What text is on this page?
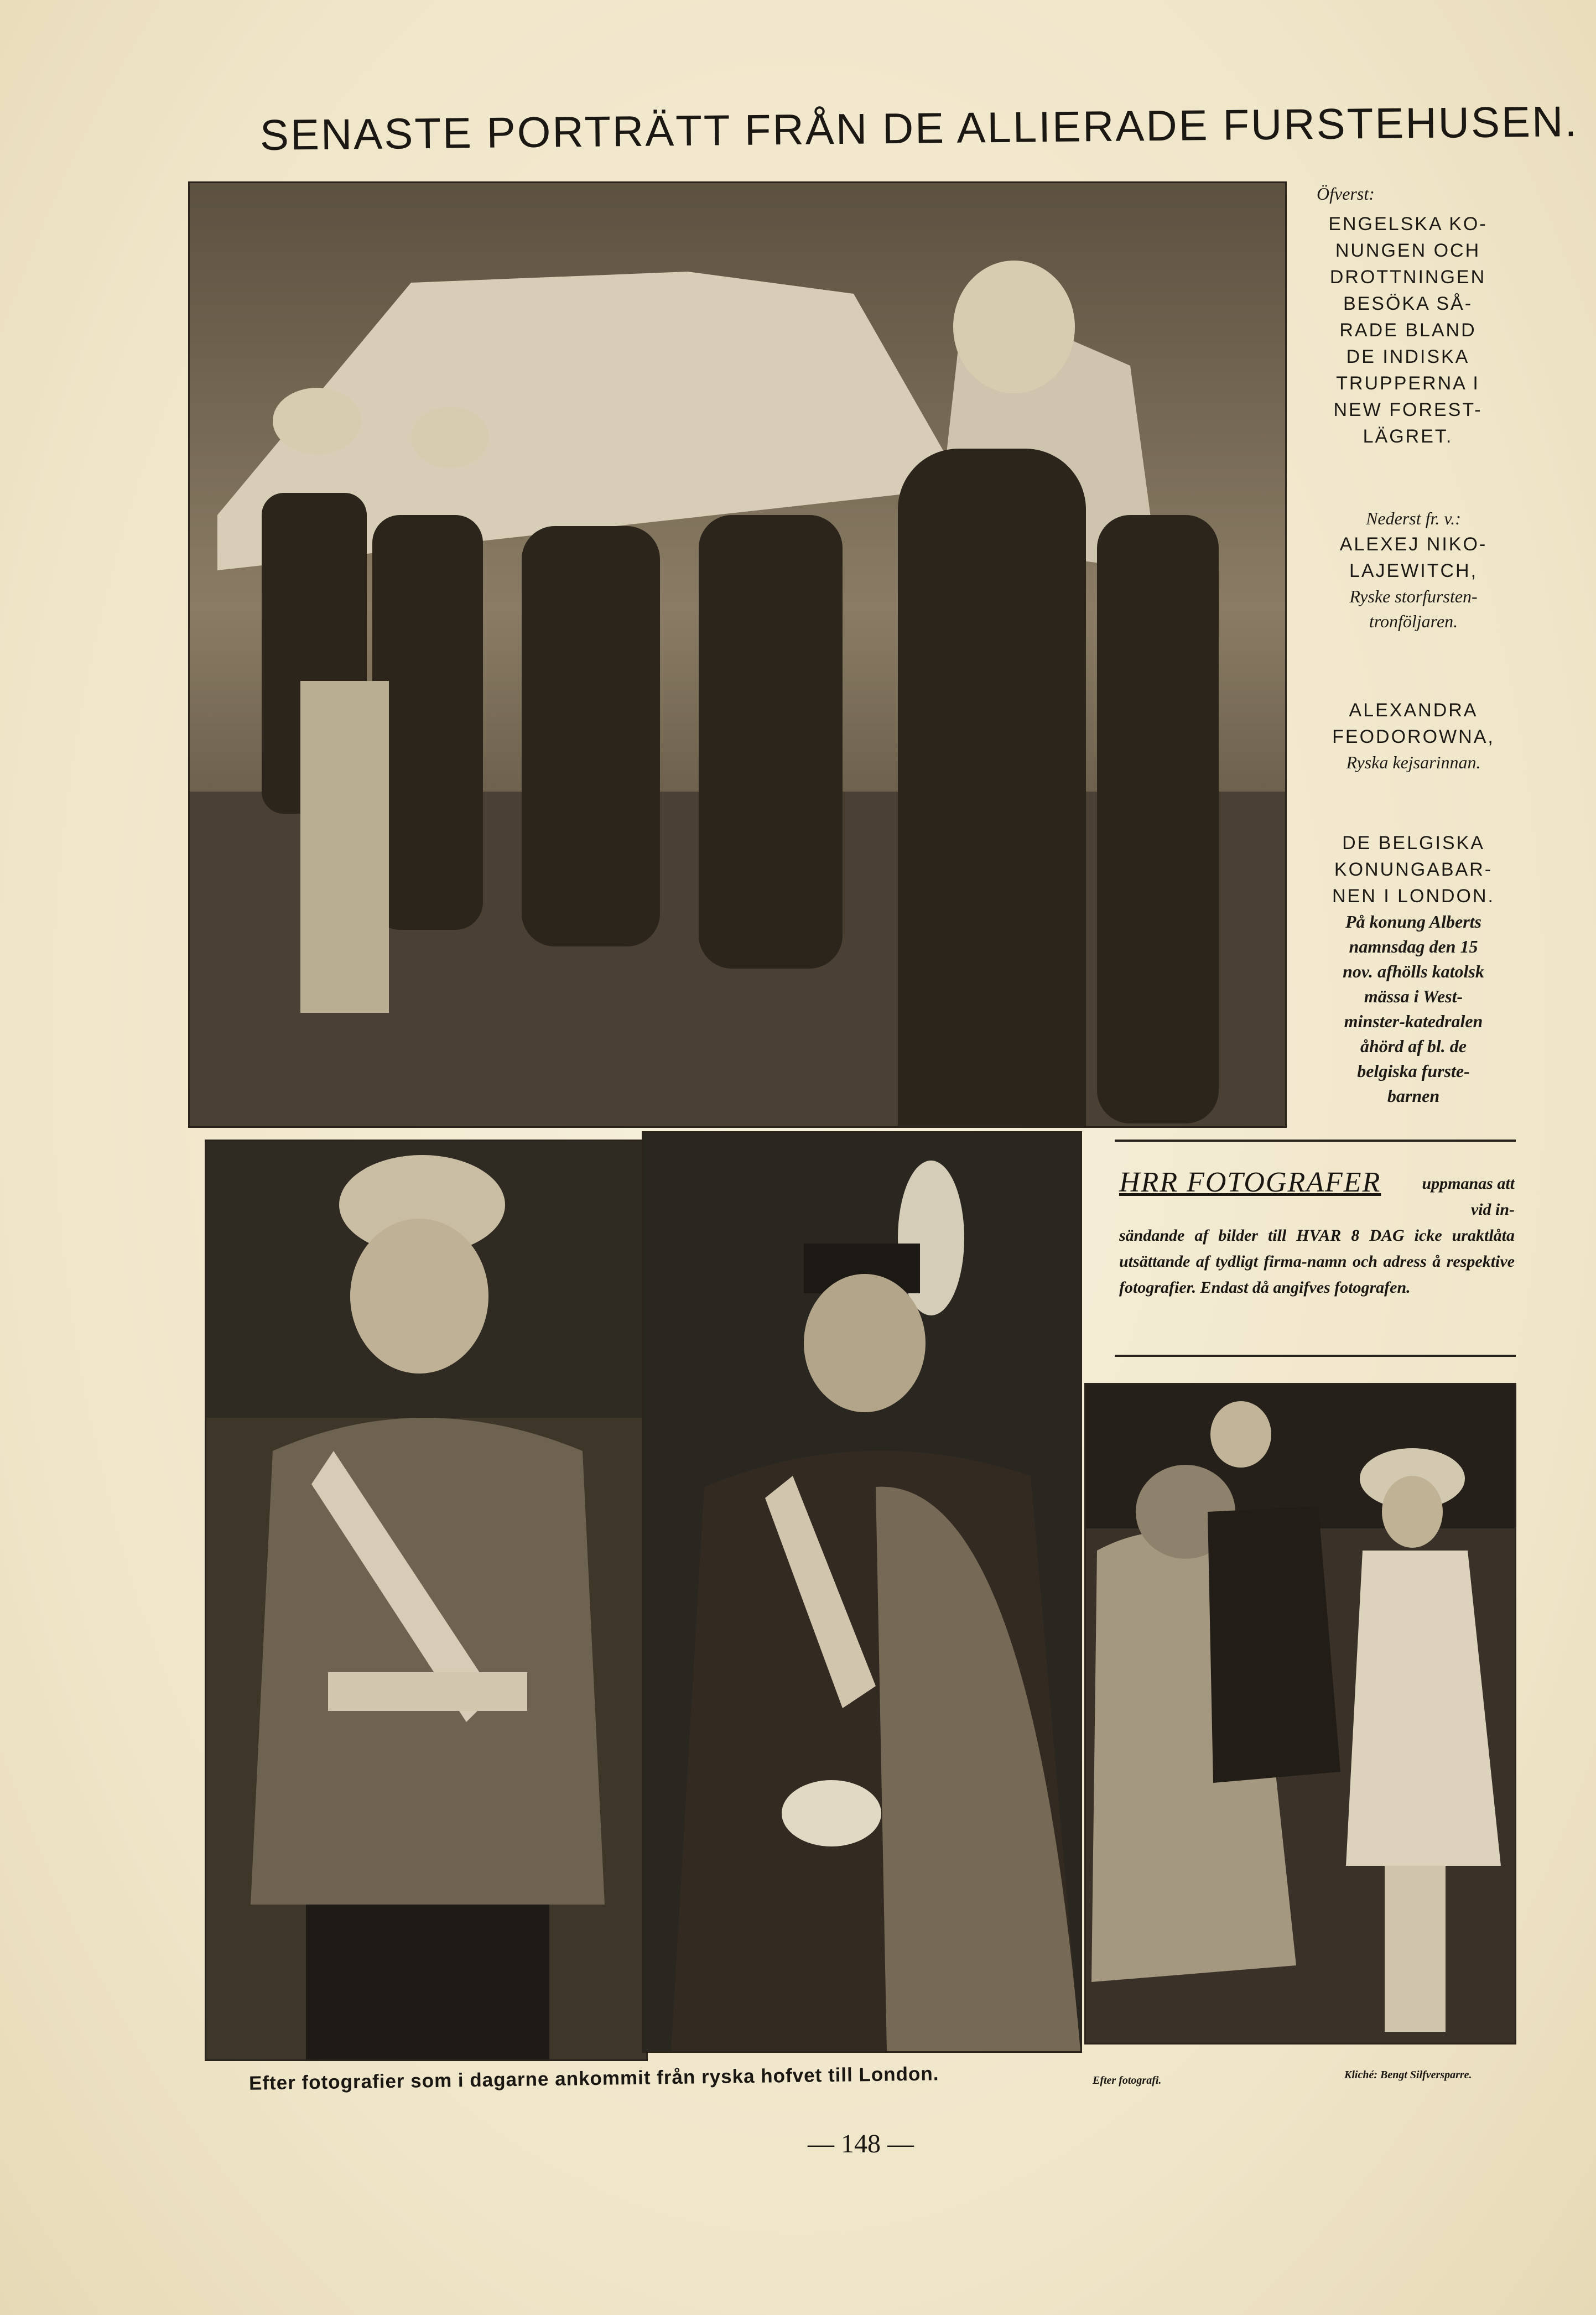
SENASTE PORTRÄTT FRÅN DE ALLIERADE FURSTEHUSEN.
Öfverst:
ENGELSKA KO-
NUNGEN OCH
DROTTNINGEN
BESÖKA SÅ-
RADE BLAND
DE INDISKA
TRUPPERNA I
NEW FOREST-
LÄGRET.
Nederst fr. v.:
ALEXEJ NIKO-
LAJEWITCH,
Ryske storfursten-
tronföljaren.
ALEXANDRA
FEODOROWNA,
Ryska kejsarinnan.
DE BELGISKA
KONUNGABAR-
NEN I LONDON.
På konung Alberts
namnsdag den 15
nov. afhölls katolsk
mässa i West-
minster-katedralen
åhörd af bl. de
belgiska furste-
barnen
HRR FOTOGRAFER	uppmanas att vid in-
sändande af bilder till HVAR 8 DAG icke uraktlåta utsättande af tydligt firma-namn och adress å respektive fotografier. Endast då angifves fotografen.
Efter fotografier som i dagarne ankommit från ryska hofvet till London.	Efter fotografi.	Kliché: Bengt Silfversparre.
— 148 —
